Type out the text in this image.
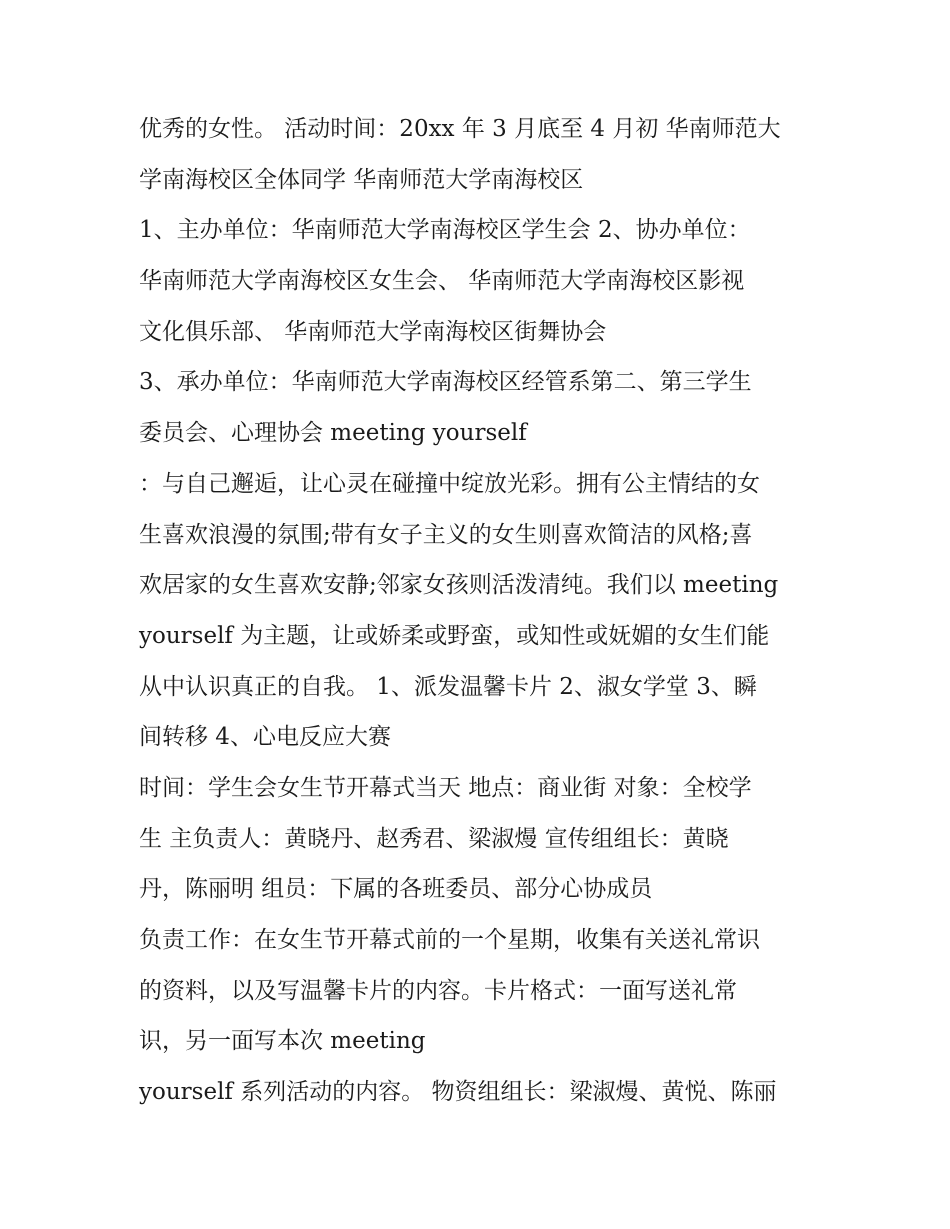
优秀的女性。 活动时间：20xx 年 3 月底至 4 月初 华南师范大
学南海校区全体同学 华南师范大学南海校区
1、主办单位：华南师范大学南海校区学生会 2、协办单位：
华南师范大学南海校区女生会、 华南师范大学南海校区影视
文化俱乐部、 华南师范大学南海校区街舞协会
3、承办单位：华南师范大学南海校区经管系第二、第三学生
委员会、心理协会 meeting yourself
：与自己邂逅，让心灵在碰撞中绽放光彩。拥有公主情结的女
生喜欢浪漫的氛围;带有女子主义的女生则喜欢简洁的风格;喜
欢居家的女生喜欢安静;邻家女孩则活泼清纯。我们以 meeting
yourself 为主题，让或娇柔或野蛮，或知性或妩媚的女生们能
从中认识真正的自我。 1、派发温馨卡片 2、淑女学堂 3、瞬
间转移 4、心电反应大赛
时间：学生会女生节开幕式当天 地点：商业街 对象：全校学
生 主负责人：黄晓丹、赵秀君、梁淑熳 宣传组组长：黄晓
丹，陈丽明 组员：下属的各班委员、部分心协成员
负责工作：在女生节开幕式前的一个星期，收集有关送礼常识
的资料，以及写温馨卡片的内容。卡片格式：一面写送礼常
识，另一面写本次 meeting
yourself 系列活动的内容。 物资组组长：梁淑熳、黄悦、陈丽
